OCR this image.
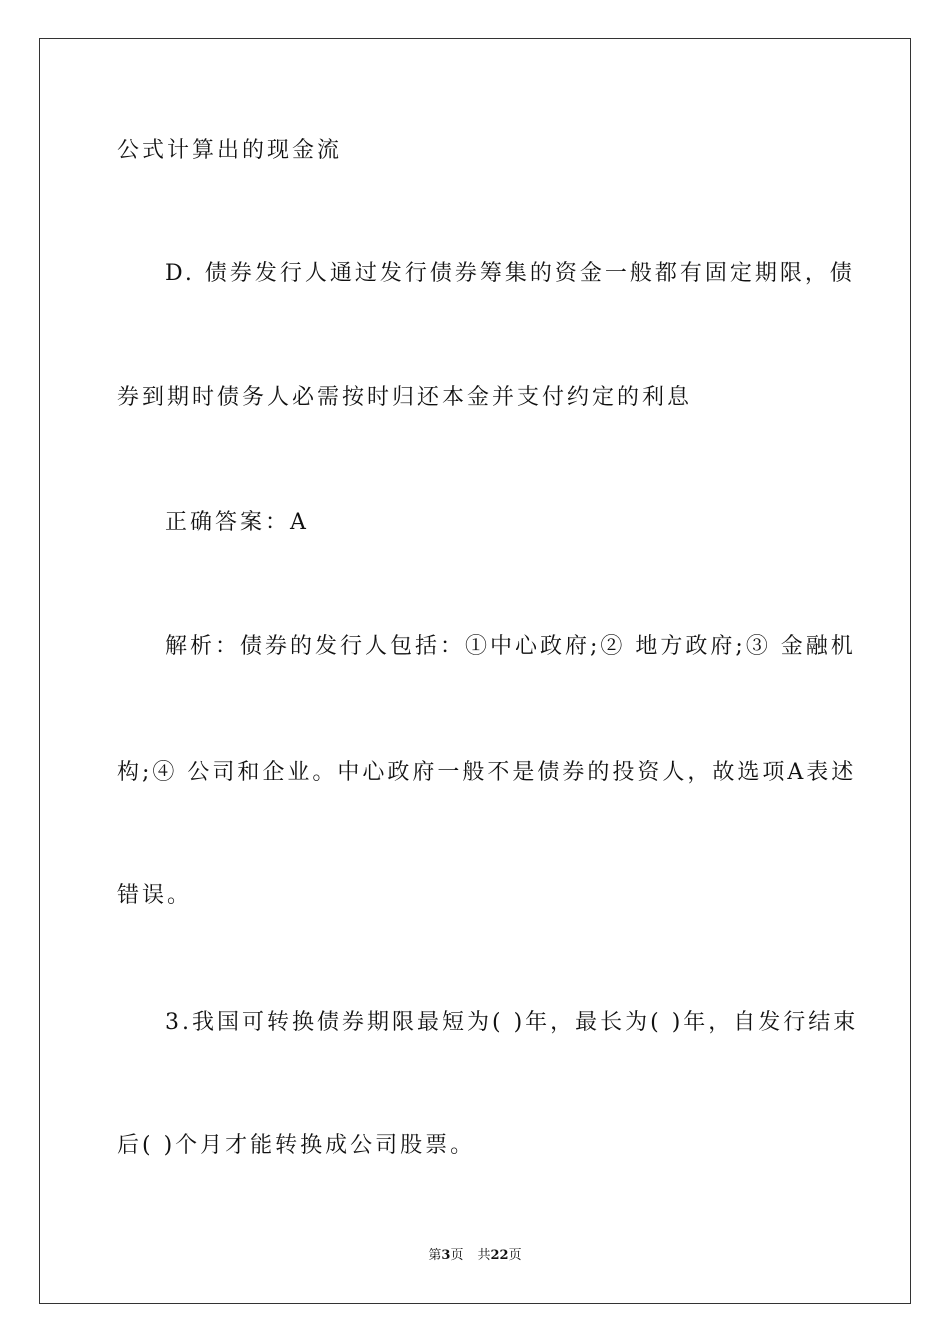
公式计算出的现金流
D. 债券发行人通过发行债券筹集的资金一般都有固定期限，债
券到期时债务人必需按时归还本金并支付约定的利息
正确答案：A
解析：债券的发行人包括：①中心政府;② 地方政府;③ 金融机
构;④ 公司和企业。中心政府一般不是债券的投资人，故选项A表述
错误。
3.我国可转换债券期限最短为( )年，最长为( )年，自发行结束
后( )个月才能转换成公司股票。
第3页 共22页
